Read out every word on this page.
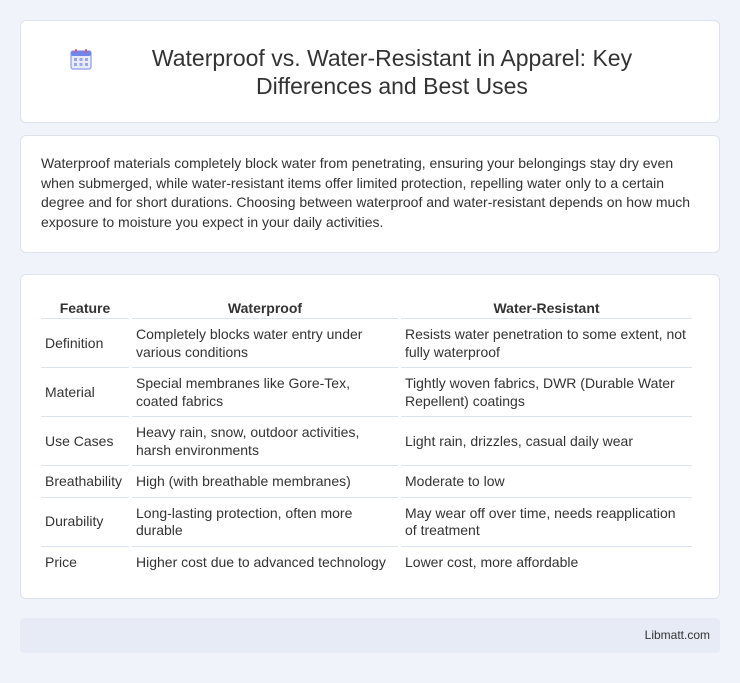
Waterproof vs. Water-Resistant in Apparel: Key Differences and Best Uses

Waterproof materials completely block water from penetrating, ensuring your belongings stay dry even when submerged, while water-resistant items offer limited protection, repelling water only to a certain degree and for short durations. Choosing between waterproof and water-resistant depends on how much exposure to moisture you expect in your daily activities.

Feature	Waterproof	Water-Resistant
Definition	Completely blocks water entry under various conditions	Resists water penetration to some extent, not fully waterproof
Material	Special membranes like Gore-Tex, coated fabrics	Tightly woven fabrics, DWR (Durable Water Repellent) coatings
Use Cases	Heavy rain, snow, outdoor activities, harsh environments	Light rain, drizzles, casual daily wear
Breathability	High (with breathable membranes)	Moderate to low
Durability	Long-lasting protection, often more durable	May wear off over time, needs reapplication of treatment
Price	Higher cost due to advanced technology	Lower cost, more affordable
Libmatt.com
